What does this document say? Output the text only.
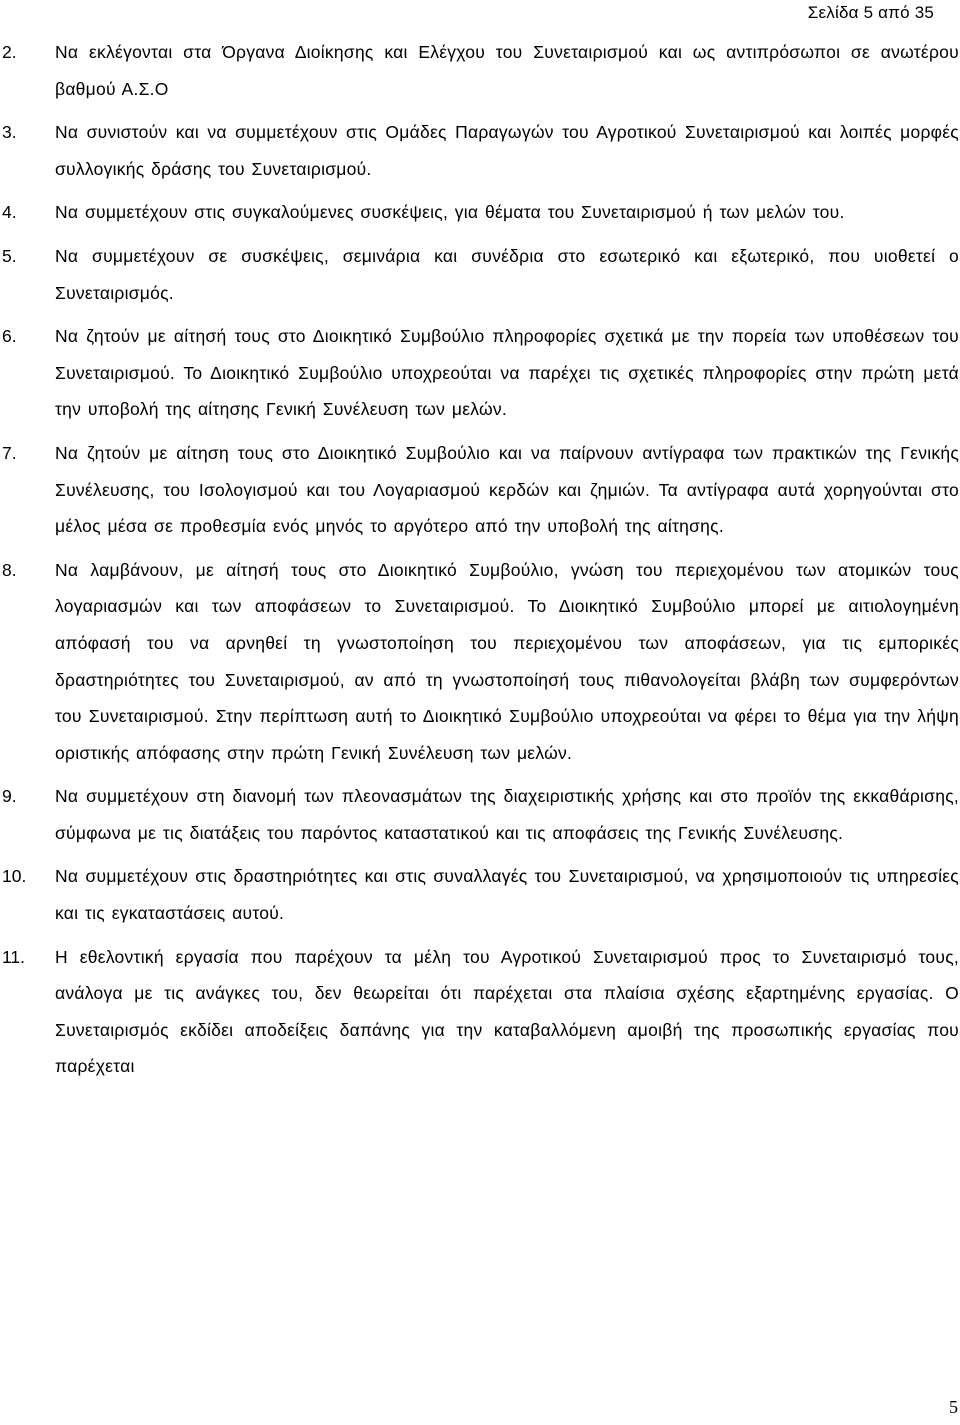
Σελίδα 5 από 35
2.	Να εκλέγονται στα Όργανα Διοίκησης και Ελέγχου του Συνεταιρισμού και ως αντιπρόσωποι σε ανωτέρου βαθμού Α.Σ.Ο

3.	Να συνιστούν και να συμμετέχουν στις Ομάδες Παραγωγών του Αγροτικού Συνεταιρισμού και λοιπές μορφές συλλογικής δράσης του Συνεταιρισμού.

4.	Να συμμετέχουν στις συγκαλούμενες συσκέψεις, για θέματα του Συνεταιρισμού ή των μελών του.

5.	Να συμμετέχουν σε συσκέψεις, σεμινάρια και συνέδρια στο εσωτερικό και εξωτερικό, που υιοθετεί ο Συνεταιρισμός.

6.	Να ζητούν με αίτησή τους στο Διοικητικό Συμβούλιο πληροφορίες σχετικά με την πορεία των υποθέσεων του Συνεταιρισμού. Το Διοικητικό Συμβούλιο υποχρεούται να παρέχει τις σχετικές πληροφορίες στην πρώτη μετά την υποβολή της αίτησης Γενική Συνέλευση των μελών.

7.	Να ζητούν με αίτηση τους στο Διοικητικό Συμβούλιο και να παίρνουν αντίγραφα των πρακτικών της Γενικής Συνέλευσης, του Ισολογισμού και του Λογαριασμού κερδών και ζημιών. Τα αντίγραφα αυτά χορηγούνται στο μέλος μέσα σε προθεσμία ενός μηνός το αργότερο από την υποβολή της αίτησης.

8.	Να λαμβάνουν, με αίτησή τους στο Διοικητικό Συμβούλιο, γνώση του περιεχομένου των ατομικών τους λογαριασμών και των αποφάσεων το Συνεταιρισμού. Το Διοικητικό Συμβούλιο μπορεί με αιτιολογημένη απόφασή του να αρνηθεί τη γνωστοποίηση του περιεχομένου των αποφάσεων, για τις εμπορικές δραστηριότητες του Συνεταιρισμού, αν από τη γνωστοποίησή τους πιθανολογείται βλάβη των συμφερόντων του Συνεταιρισμού. Στην περίπτωση αυτή το Διοικητικό Συμβούλιο υποχρεούται να φέρει το θέμα για την λήψη οριστικής απόφασης στην πρώτη Γενική Συνέλευση των μελών.

9.	Να συμμετέχουν στη διανομή των πλεονασμάτων της διαχειριστικής χρήσης και στο προϊόν της εκκαθάρισης, σύμφωνα με τις διατάξεις του παρόντος καταστατικού και τις αποφάσεις της Γενικής Συνέλευσης.

10.	Να συμμετέχουν στις δραστηριότητες και στις συναλλαγές του Συνεταιρισμού, να χρησιμοποιούν τις υπηρεσίες και τις εγκαταστάσεις αυτού.

11.	Η εθελοντική εργασία που παρέχουν τα μέλη του Αγροτικού Συνεταιρισμού προς το Συνεταιρισμό τους, ανάλογα με τις ανάγκες του, δεν θεωρείται ότι παρέχεται στα πλαίσια σχέσης εξαρτημένης εργασίας. Ο Συνεταιρισμός εκδίδει αποδείξεις δαπάνης για την καταβαλλόμενη αμοιβή της προσωπικής εργασίας που παρέχεται

5
